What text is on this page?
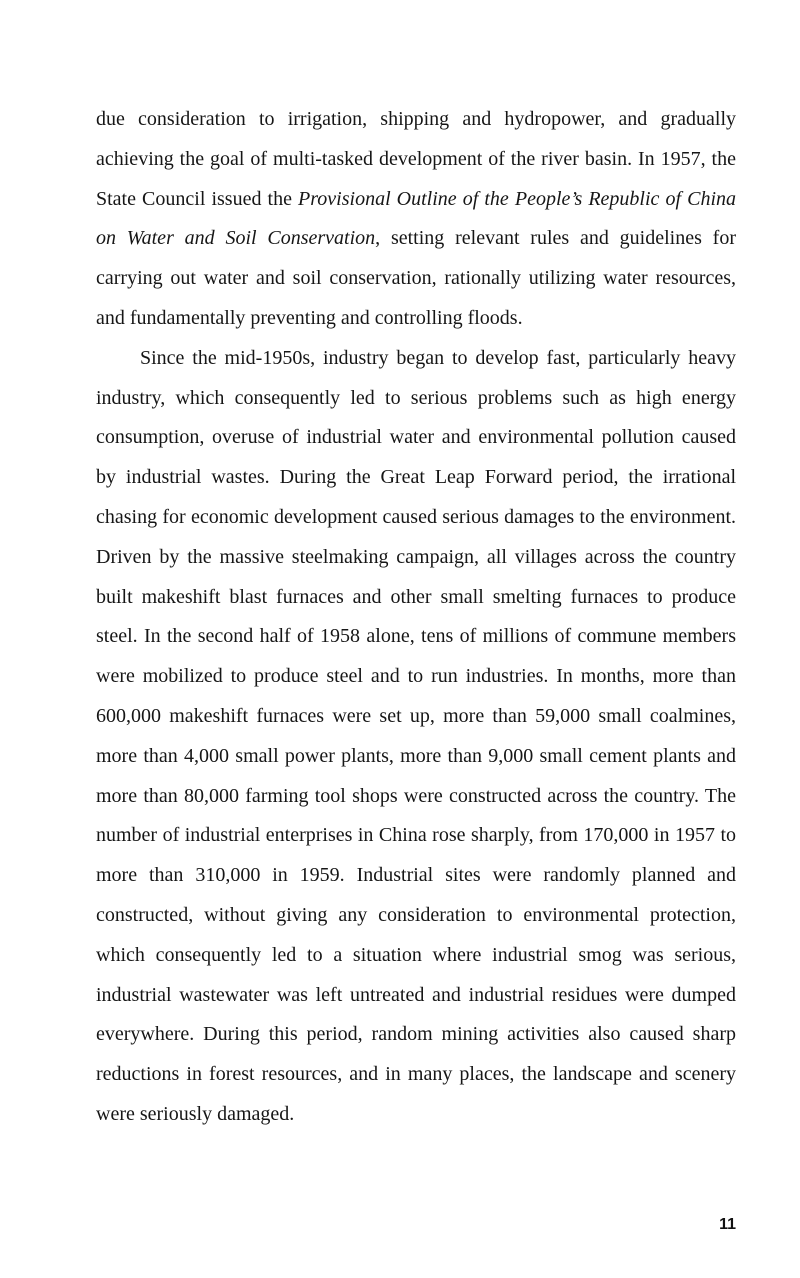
due consideration to irrigation, shipping and hydropower, and gradually achieving the goal of multi-tasked development of the river basin. In 1957, the State Council issued the Provisional Outline of the People’s Republic of China on Water and Soil Conservation, setting relevant rules and guidelines for carrying out water and soil conservation, rationally utilizing water resources, and fundamentally preventing and controlling floods.

Since the mid-1950s, industry began to develop fast, particularly heavy industry, which consequently led to serious problems such as high energy consumption, overuse of industrial water and environmental pollution caused by industrial wastes. During the Great Leap Forward period, the irrational chasing for economic development caused serious damages to the environment. Driven by the massive steelmaking campaign, all villages across the country built makeshift blast furnaces and other small smelting furnaces to produce steel. In the second half of 1958 alone, tens of millions of commune members were mobilized to produce steel and to run industries. In months, more than 600,000 makeshift furnaces were set up, more than 59,000 small coalmines, more than 4,000 small power plants, more than 9,000 small cement plants and more than 80,000 farming tool shops were constructed across the country. The number of industrial enterprises in China rose sharply, from 170,000 in 1957 to more than 310,000 in 1959. Industrial sites were randomly planned and constructed, without giving any consideration to environmental protection, which consequently led to a situation where industrial smog was serious, industrial wastewater was left untreated and industrial residues were dumped everywhere. During this period, random mining activities also caused sharp reductions in forest resources, and in many places, the landscape and scenery were seriously damaged.

11
